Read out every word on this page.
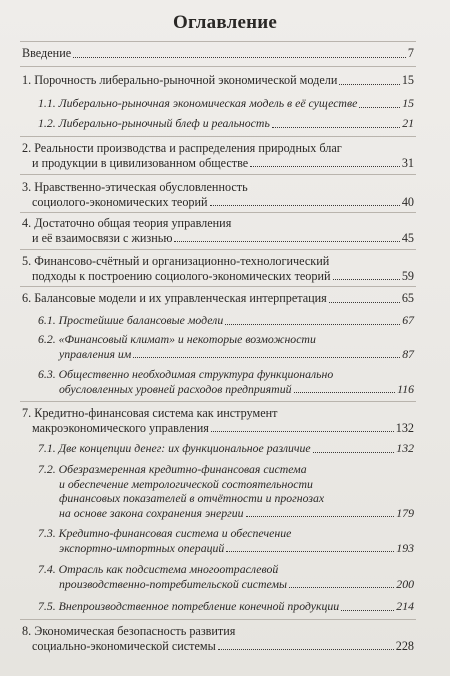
Оглавление
Введение	7
1. Порочность либерально-рыночной экономической модели	15
1.1. Либерально-рыночная экономическая модель в её существе	15
1.2. Либерально-рыночный блеф и реальность	21
2. Реальности производства и распределения природных благ
и продукции в цивилизованном обществе	31
3. Нравственно-этическая обусловленность
социолого-экономических теорий	40
4. Достаточно общая теория управления
и её взаимосвязи с жизнью	45
5. Финансово-счётный и организационно-технологический
подходы к построению социолого-экономических теорий	59
6. Балансовые модели и их управленческая интерпретация	65
6.1. Простейшие балансовые модели	67
6.2. «Финансовый климат» и некоторые возможности
управления им	87
6.3. Общественно необходимая структура функционально
обусловленных уровней расходов предприятий	116
7. Кредитно-финансовая система как инструмент
макроэкономического управления	132
7.1. Две концепции денег: их функциональное различие	132
7.2. Обезразмеренная кредитно-финансовая система
и обеспечение метрологической состоятельности
финансовых показателей в отчётности и прогнозах
на основе закона сохранения энергии	179
7.3. Кредитно-финансовая система и обеспечение
экспортно-импортных операций	193
7.4. Отрасль как подсистема многоотраслевой
производственно-потребительской системы	200
7.5. Внепроизводственное потребление конечной продукции	214
8. Экономическая безопасность развития
социально-экономической системы	228
